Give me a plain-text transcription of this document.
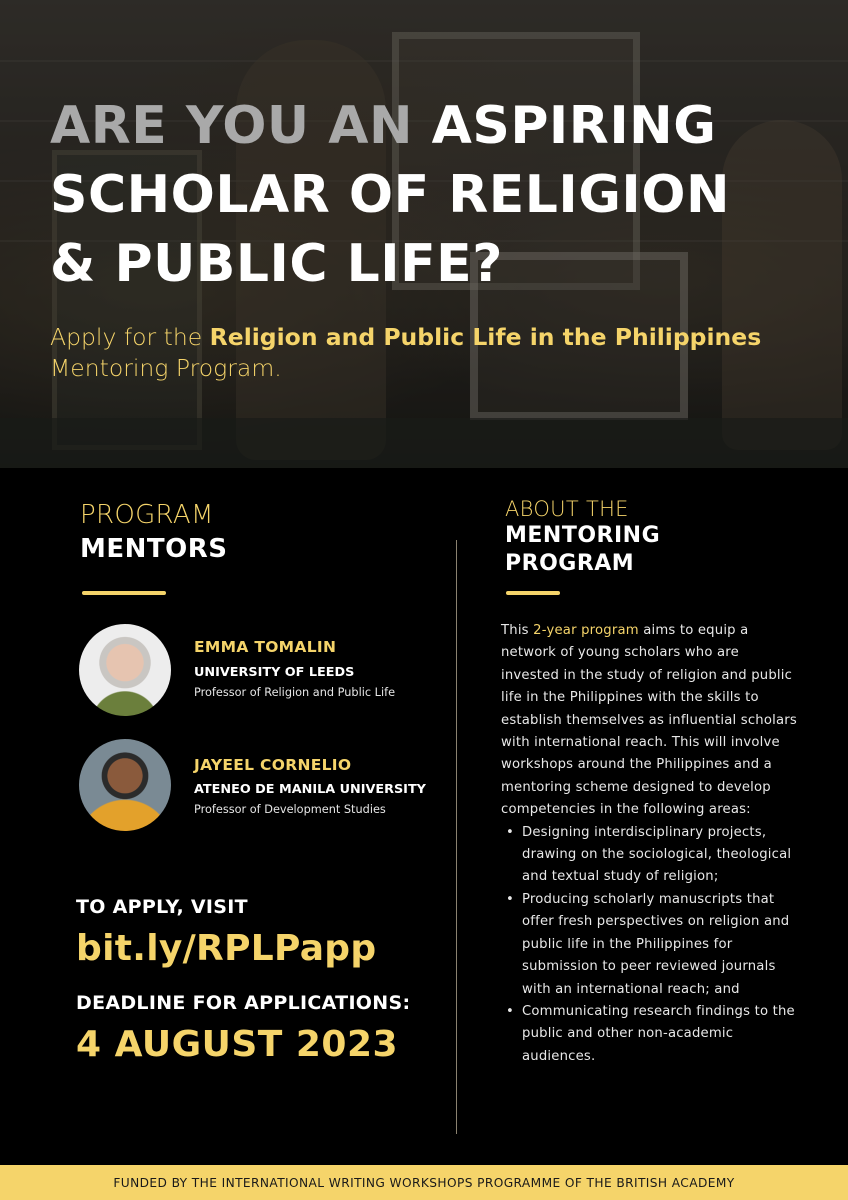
ARE YOU AN ASPIRING
SCHOLAR OF RELIGION
& PUBLIC LIFE?
Apply for the Religion and Public Life in the Philippines
Mentoring Program.
PROGRAM
MENTORS
EMMA TOMALIN
UNIVERSITY OF LEEDS
Professor of Religion and Public Life
JAYEEL CORNELIO
ATENEO DE MANILA UNIVERSITY
Professor of Development Studies
TO APPLY, VISIT
bit.ly/RPLPapp
DEADLINE FOR APPLICATIONS:
4 AUGUST 2023
ABOUT THE
MENTORING
PROGRAM

This 2-year program aims to equip a network of young scholars who are invested in the study of religion and public life in the Philippines with the skills to establish themselves as influential scholars with international reach. This will involve workshops around the Philippines and a mentoring scheme designed to develop competencies in the following areas:

• Designing interdisciplinary projects, drawing on the sociological, theological and textual study of religion;
• Producing scholarly manuscripts that offer fresh perspectives on religion and public life in the Philippines for submission to peer reviewed journals with an international reach; and
• Communicating research findings to the public and other non-academic audiences.
FUNDED BY THE INTERNATIONAL WRITING WORKSHOPS PROGRAMME OF THE BRITISH ACADEMY
